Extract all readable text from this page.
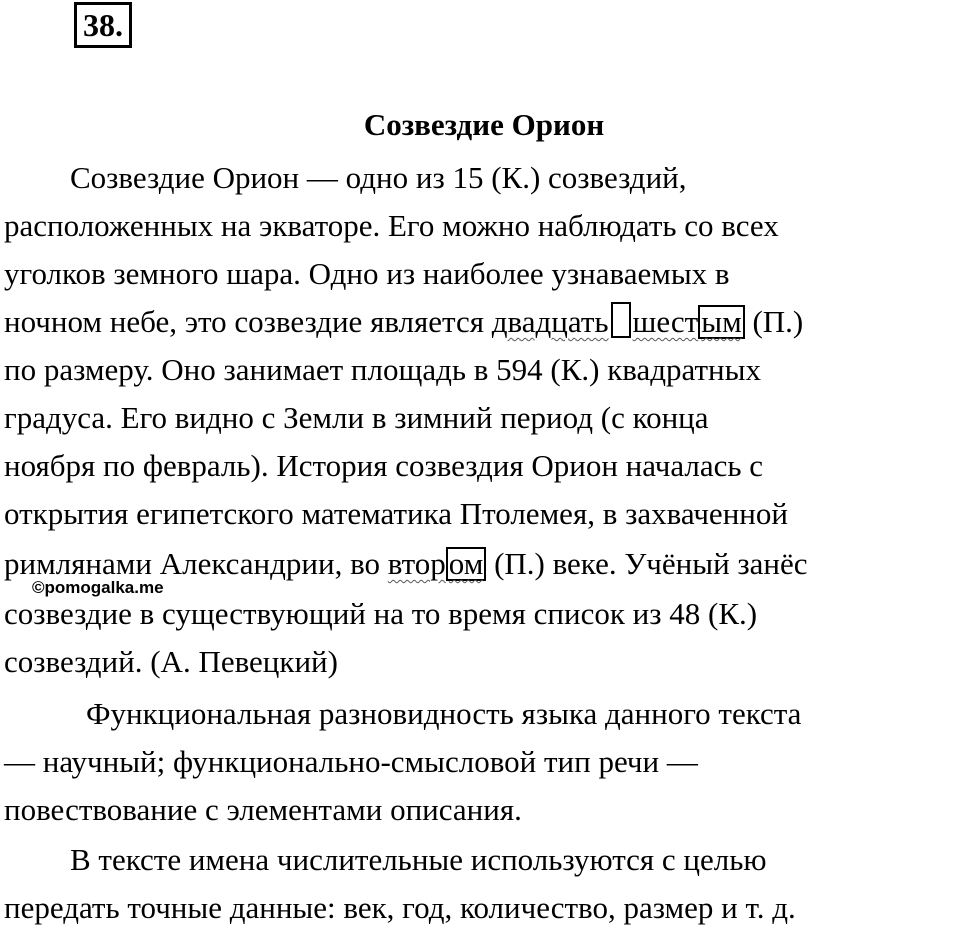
38.
Созвездие Орион
Созвездие Орион — одно из 15 (К.) созвездий,
расположенных на экваторе. Его можно наблюдать со всех
уголков земного шара. Одно из наиболее узнаваемых в
ночном небе, это созвездие является двадцать шестым (П.)
по размеру. Оно занимает площадь в 594 (К.) квадратных
градуса. Его видно с Земли в зимний период (с конца
ноября по февраль). История созвездия Орион началась с
открытия египетского математика Птолемея, в захваченной
римлянами Александрии, во втором (П.) веке. Учёный занёс
созвездие в существующий на то время список из 48 (К.)
созвездий. (А. Певецкий)
Функциональная разновидность языка данного текста
— научный; функционально-смысловой тип речи —
повествование с элементами описания.
В тексте имена числительные используются с целью
передать точные данные: век, год, количество, размер и т. д.
©pomogalka.me
